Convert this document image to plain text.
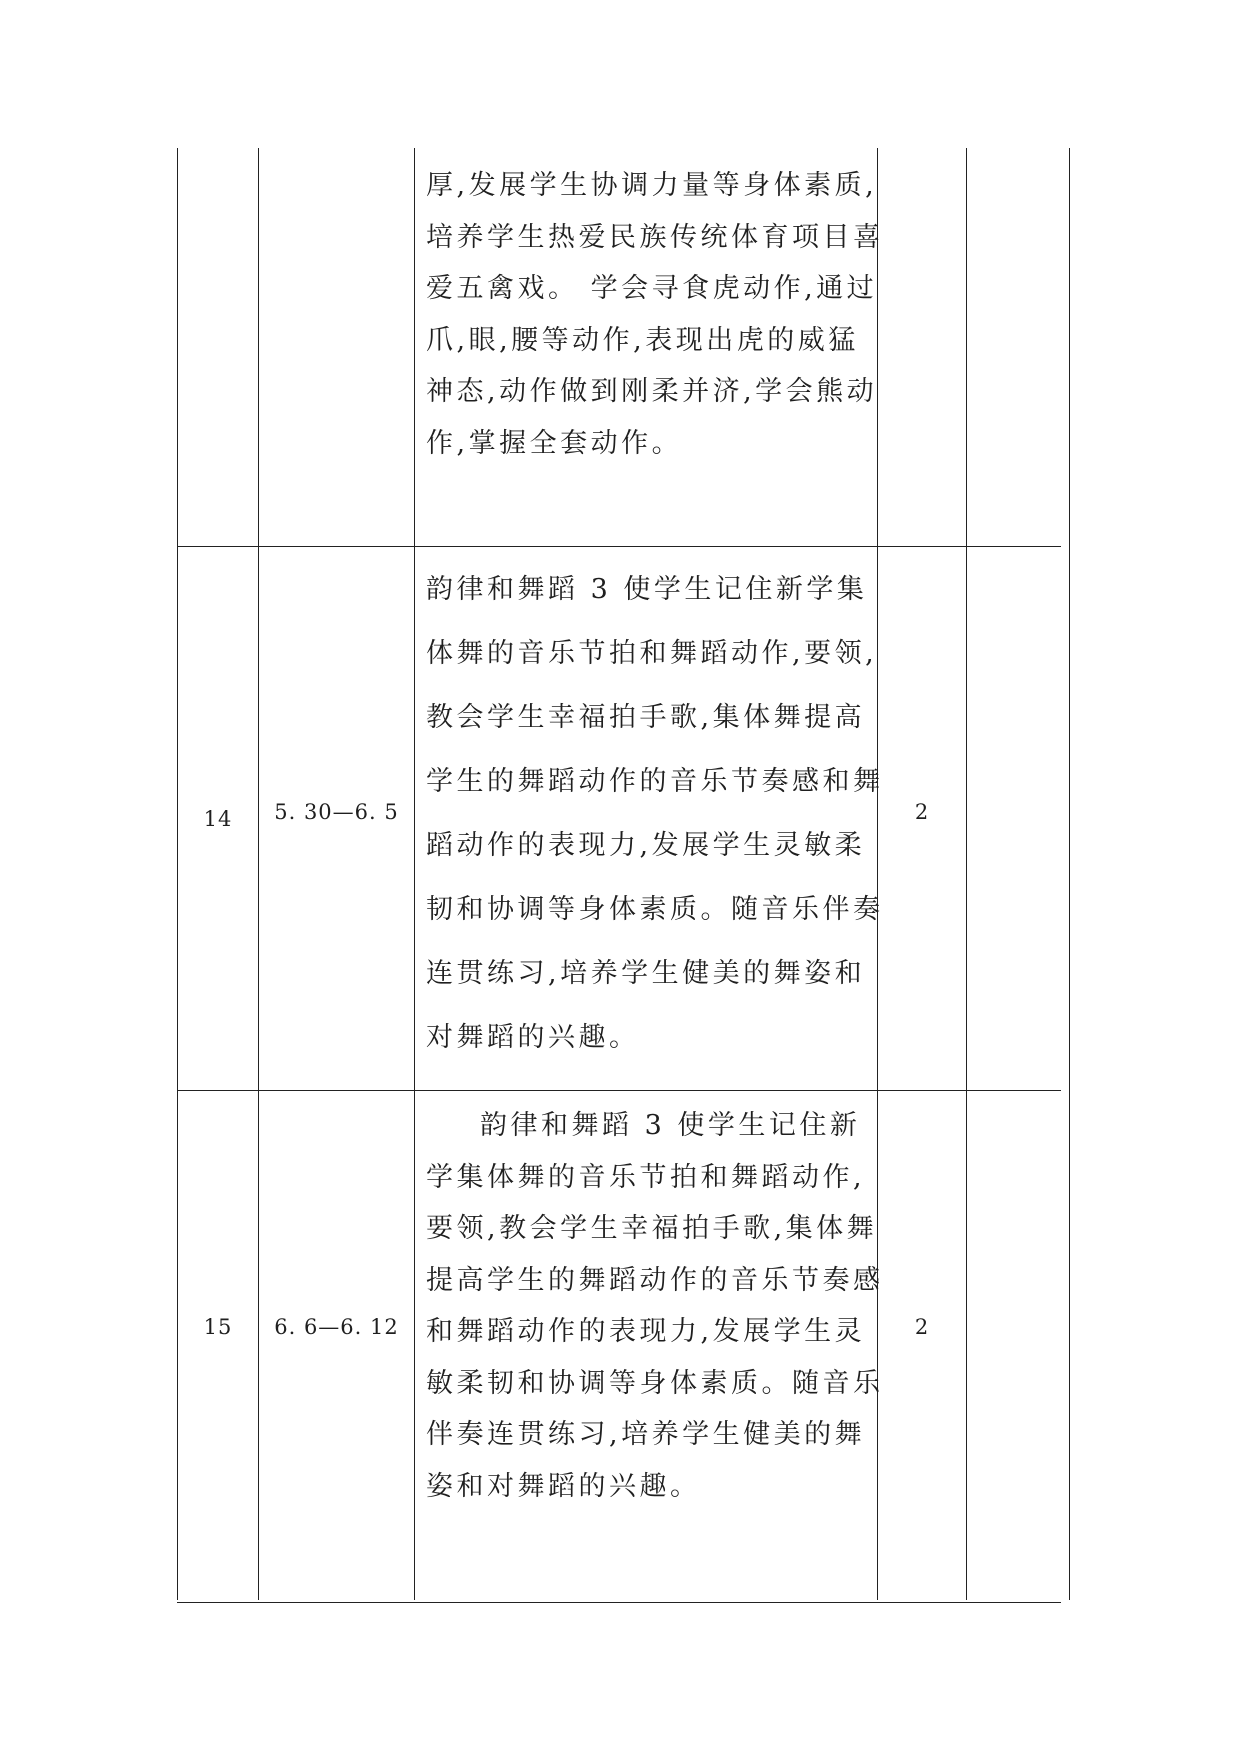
厚,发展学生协调力量等身体素质,
培养学生热爱民族传统体育项目喜
爱五禽戏。 学会寻食虎动作,通过
爪,眼,腰等动作,表现出虎的威猛
神态,动作做到刚柔并济,学会熊动
作,掌握全套动作。
14	5. 30—6. 5
韵律和舞蹈 3 使学生记住新学集
体舞的音乐节拍和舞蹈动作,要领,
教会学生幸福拍手歌,集体舞提高
学生的舞蹈动作的音乐节奏感和舞
蹈动作的表现力,发展学生灵敏柔
韧和协调等身体素质。随音乐伴奏
连贯练习,培养学生健美的舞姿和
对舞蹈的兴趣。
2
15	6. 6—6. 12
韵律和舞蹈 3 使学生记住新
学集体舞的音乐节拍和舞蹈动作,
要领,教会学生幸福拍手歌,集体舞
提高学生的舞蹈动作的音乐节奏感
和舞蹈动作的表现力,发展学生灵
敏柔韧和协调等身体素质。随音乐
伴奏连贯练习,培养学生健美的舞
姿和对舞蹈的兴趣。
2
